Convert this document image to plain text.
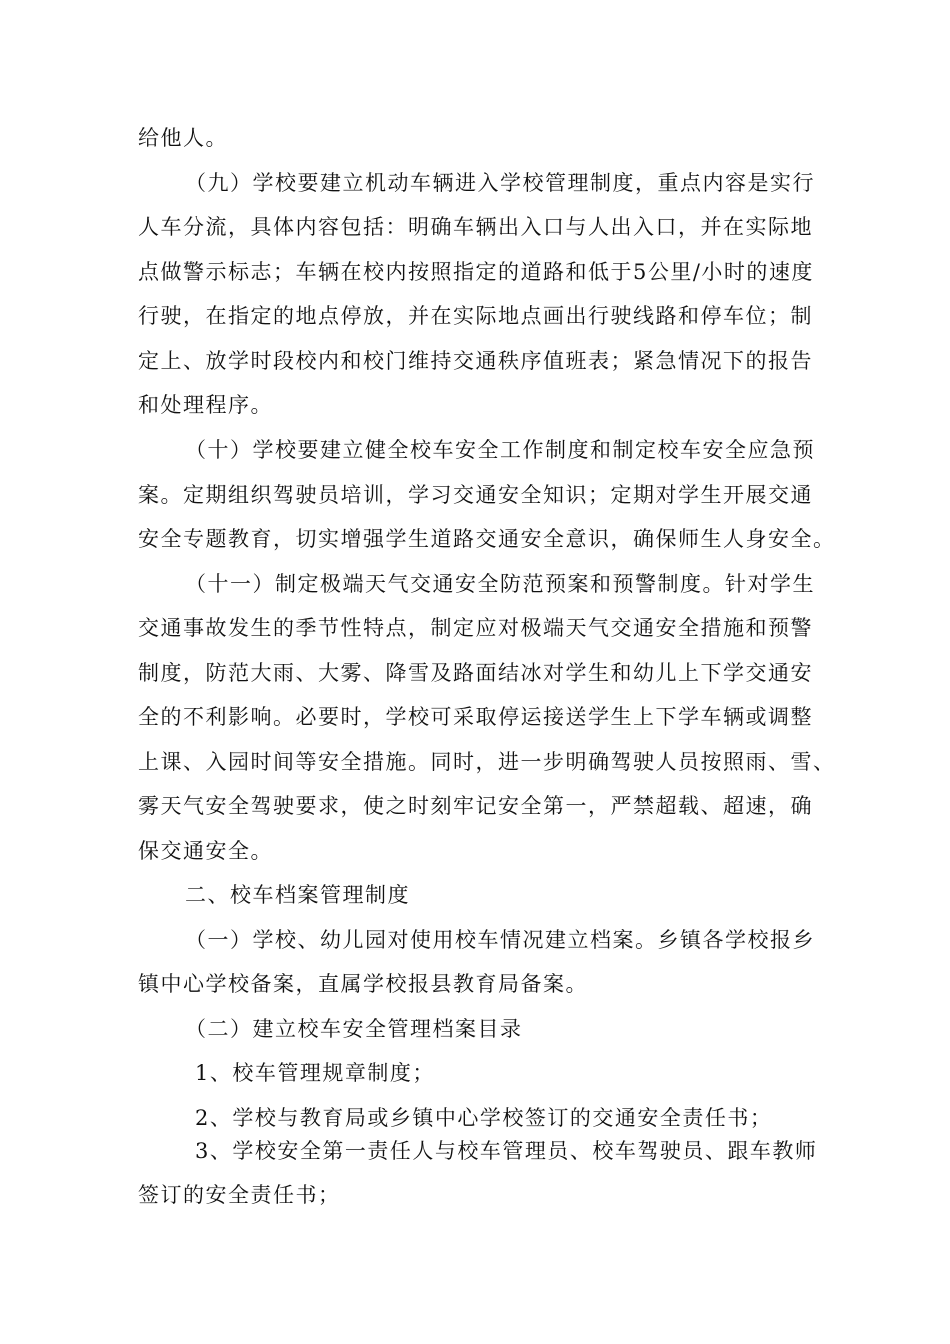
给他人。
（九）学校要建立机动车辆进入学校管理制度，重点内容是实行
人车分流，具体内容包括：明确车辆出入口与人出入口，并在实际地
点做警示标志；车辆在校内按照指定的道路和低于5公里/小时的速度
行驶，在指定的地点停放，并在实际地点画出行驶线路和停车位；制
定上、放学时段校内和校门维持交通秩序值班表；紧急情况下的报告
和处理程序。
（十）学校要建立健全校车安全工作制度和制定校车安全应急预
案。定期组织驾驶员培训，学习交通安全知识；定期对学生开展交通
安全专题教育，切实增强学生道路交通安全意识，确保师生人身安全。
（十一）制定极端天气交通安全防范预案和预警制度。针对学生
交通事故发生的季节性特点，制定应对极端天气交通安全措施和预警
制度，防范大雨、大雾、降雪及路面结冰对学生和幼儿上下学交通安
全的不利影响。必要时，学校可采取停运接送学生上下学车辆或调整
上课、入园时间等安全措施。同时，进一步明确驾驶人员按照雨、雪、
雾天气安全驾驶要求，使之时刻牢记安全第一，严禁超载、超速，确
保交通安全。
二、校车档案管理制度
（一）学校、幼儿园对使用校车情况建立档案。乡镇各学校报乡
镇中心学校备案，直属学校报县教育局备案。
（二）建立校车安全管理档案目录
1、校车管理规章制度；
2、学校与教育局或乡镇中心学校签订的交通安全责任书；
3、学校安全第一责任人与校车管理员、校车驾驶员、跟车教师
签订的安全责任书；
